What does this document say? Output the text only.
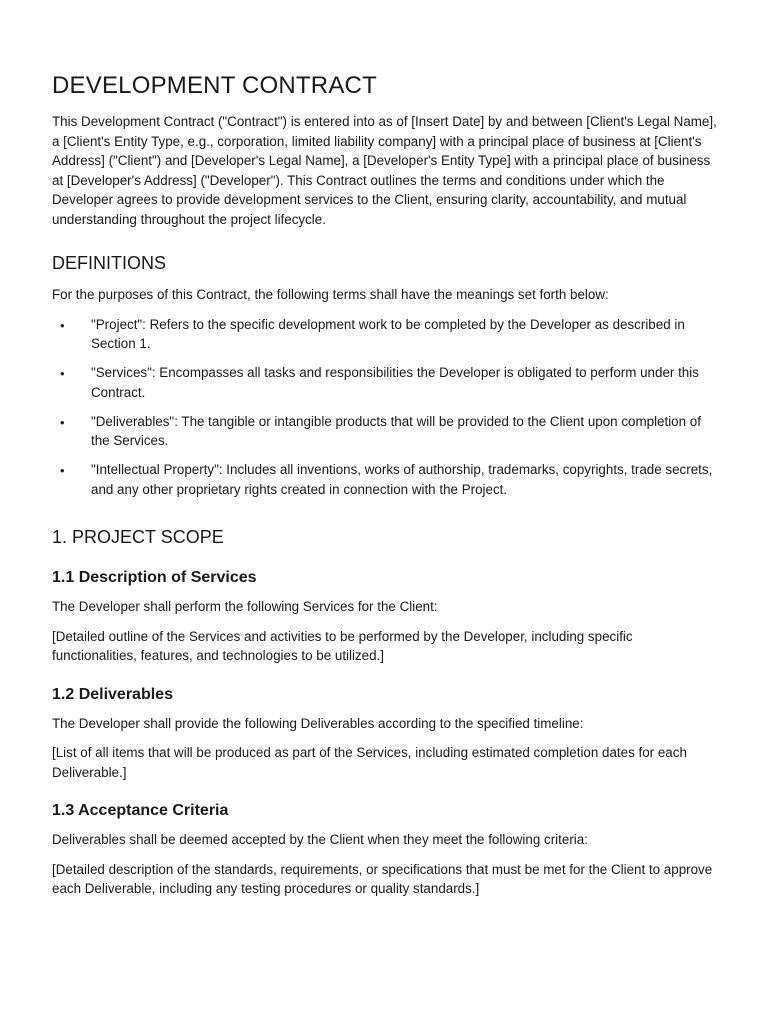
DEVELOPMENT CONTRACT

This Development Contract ("Contract") is entered into as of [Insert Date] by and between [Client's Legal Name], a [Client's Entity Type, e.g., corporation, limited liability company] with a principal place of business at [Client's Address] ("Client") and [Developer's Legal Name], a [Developer's Entity Type] with a principal place of business at [Developer's Address] ("Developer"). This Contract outlines the terms and conditions under which the Developer agrees to provide development services to the Client, ensuring clarity, accountability, and mutual understanding throughout the project lifecycle.

DEFINITIONS

For the purposes of this Contract, the following terms shall have the meanings set forth below:

• "Project": Refers to the specific development work to be completed by the Developer as described in Section 1.
• "Services": Encompasses all tasks and responsibilities the Developer is obligated to perform under this Contract.
• "Deliverables": The tangible or intangible products that will be provided to the Client upon completion of the Services.
• "Intellectual Property": Includes all inventions, works of authorship, trademarks, copyrights, trade secrets, and any other proprietary rights created in connection with the Project.
1. PROJECT SCOPE
1.1 Description of Services

The Developer shall perform the following Services for the Client:

[Detailed outline of the Services and activities to be performed by the Developer, including specific functionalities, features, and technologies to be utilized.]

1.2 Deliverables

The Developer shall provide the following Deliverables according to the specified timeline:

[List of all items that will be produced as part of the Services, including estimated completion dates for each Deliverable.]

1.3 Acceptance Criteria

Deliverables shall be deemed accepted by the Client when they meet the following criteria:

[Detailed description of the standards, requirements, or specifications that must be met for the Client to approve each Deliverable, including any testing procedures or quality standards.]
